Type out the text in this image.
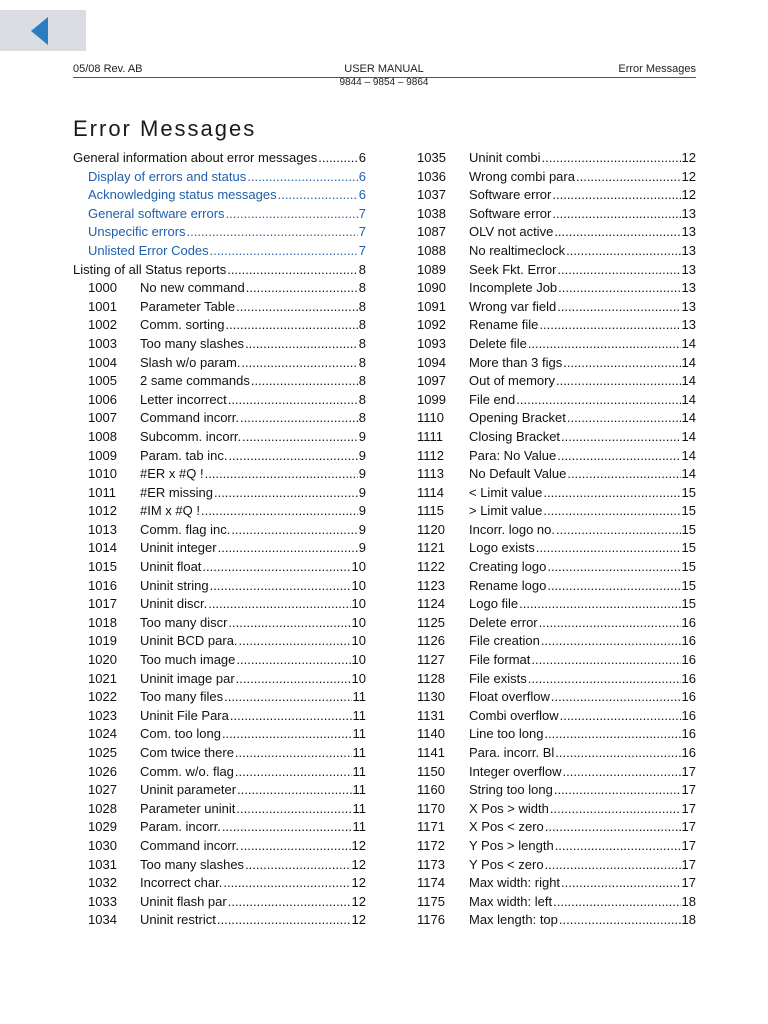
05/08 Rev. AB	USER MANUAL	Error Messages
9844 – 9854 – 9864
Error Messages
General information about error messages .....	6
Display of errors and status .....	6
Acknowledging status messages .....	6
General software errors .....	7
Unspecific errors .....	7
Unlisted Error Codes .....	7
Listing of all Status reports .....	8
1000	No new command .....	8
1001	Parameter Table .....	8
1002	Comm. sorting .....	8
1003	Too many slashes .....	8
1004	Slash w/o param. .....	8
1005	2 same commands .....	8
1006	Letter incorrect .....	8
1007	Command incorr. .....	8
1008	Subcomm. incorr. .....	9
1009	Param. tab inc. .....	9
1010	#ER x #Q ! .....	9
1011	#ER missing .....	9
1012	#IM x #Q ! .....	9
1013	Comm. flag inc. .....	9
1014	Uninit integer .....	9
1015	Uninit float .....	10
1016	Uninit string .....	10
1017	Uninit discr. .....	10
1018	Too many discr .....	10
1019	Uninit BCD para. .....	10
1020	Too much image .....	10
1021	Uninit image par .....	10
1022	Too many files .....	11
1023	Uninit File Para .....	11
1024	Com. too long .....	11
1025	Com twice there .....	11
1026	Comm. w/o. flag .....	11
1027	Uninit parameter .....	11
1028	Parameter uninit .....	11
1029	Param. incorr. .....	11
1030	Command incorr. .....	12
1031	Too many slashes .....	12
1032	Incorrect char. .....	12
1033	Uninit flash par .....	12
1034	Uninit restrict .....	12
1035	Uninit combi .....	12
1036	Wrong combi para .....	12
1037	Software error .....	12
1038	Software error .....	13
1087	OLV not active .....	13
1088	No realtimeclock .....	13
1089	Seek Fkt. Error .....	13
1090	Incomplete Job .....	13
1091	Wrong var field .....	13
1092	Rename file .....	13
1093	Delete file .....	14
1094	More than 3 figs .....	14
1097	Out of memory .....	14
1099	File end .....	14
1110	Opening Bracket .....	14
1111	Closing Bracket .....	14
1112	Para: No Value .....	14
1113	No Default Value .....	14
1114	< Limit value .....	15
1115	> Limit value .....	15
1120	Incorr. logo no. .....	15
1121	Logo exists .....	15
1122	Creating logo .....	15
1123	Rename logo .....	15
1124	Logo file .....	15
1125	Delete error .....	16
1126	File creation .....	16
1127	File format .....	16
1128	File exists .....	16
1130	Float overflow .....	16
1131	Combi overflow .....	16
1140	Line too long .....	16
1141	Para. incorr. Bl .....	16
1150	Integer overflow .....	17
1160	String too long .....	17
1170	X Pos > width .....	17
1171	X Pos < zero .....	17
1172	Y Pos > length .....	17
1173	Y Pos < zero .....	17
1174	Max width: right .....	17
1175	Max width: left .....	18
1176	Max length: top .....	18
